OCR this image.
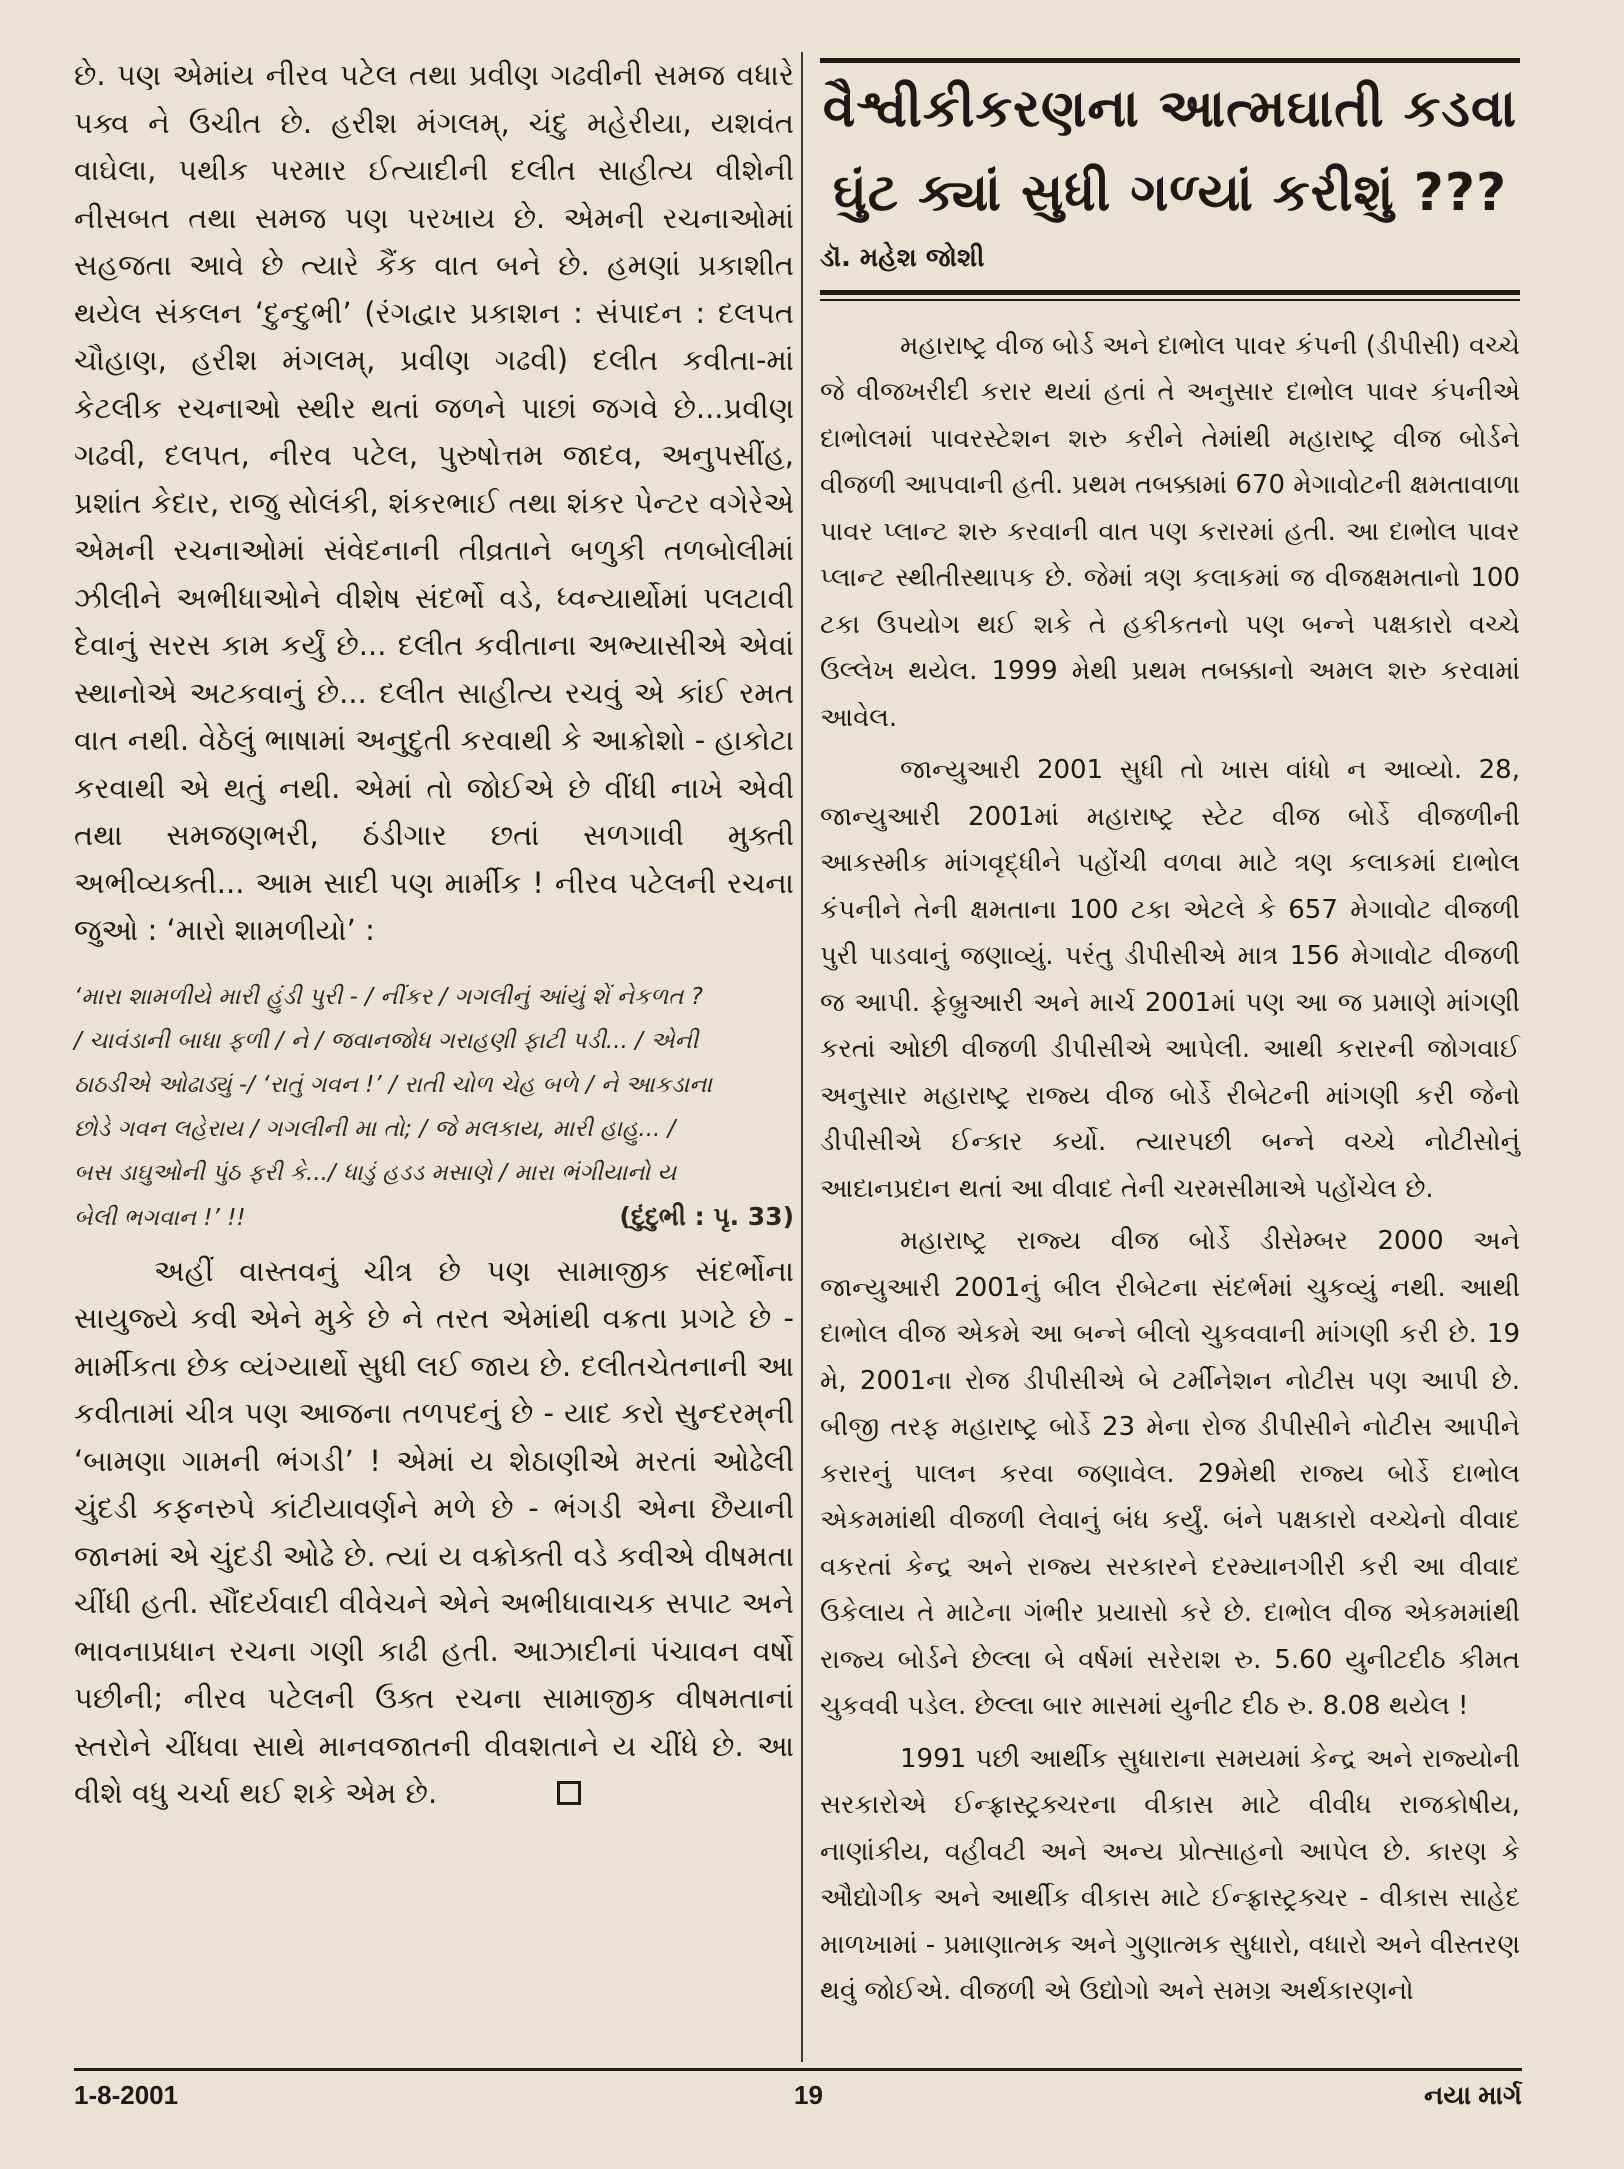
છે. પણ એમાંય નીરવ પટેલ તથા પ્રવીણ ગઢવીની સમજ વધારે પક્વ ને ઉચીત છે. હરીશ મંગલમ્, ચંદુ મહેરીયા, યશવંત વાઘેલા, પથીક પરમાર ઈત્યાદીની દલીત સાહીત્ય વીશેની નીસબત તથા સમજ પણ પરખાય છે. એમની રચનાઓમાં સહજતા આવે છે ત્યારે કૈંક વાત બને છે. હમણાં પ્રકાશીત થયેલ સંકલન ‘દુન્દુભી’ (રંગદ્વાર પ્રકાશન : સંપાદન : દલપત ચૌહાણ, હરીશ મંગલમ્, પ્રવીણ ગઢવી) દલીત કવીતા-માં કેટલીક રચનાઓ સ્થીર થતાં જળને પાછાં જગવે છે...પ્રવીણ ગઢવી, દલપત, નીરવ પટેલ, પુરુષોત્તમ જાદવ, અનુપસીંહ, પ્રશાંત કેદાર, રાજુ સોલંકી, શંકરભાઈ તથા શંકર પેન્ટર વગેરેએ એમની રચનાઓમાં સંવેદનાની તીવ્રતાને બળુકી તળબોલીમાં ઝીલીને અભીધાઓને વીશેષ સંદર્ભો વડે, ધ્વન્યાર્થોમાં પલટાવી દેવાનું સરસ કામ કર્યું છે... દલીત કવીતાના અભ્યાસીએ એવાં સ્થાનોએ અટકવાનું છે... દલીત સાહીત્ય રચવું એ કાંઈ રમત વાત નથી. વેઠેલું ભાષામાં અનુદુતી કરવાથી કે આક્રોશો - હાકોટા કરવાથી એ થતું નથી. એમાં તો જોઈએ છે વીંધી નાખે એવી તથા સમજણભરી, ઠંડીગાર છતાં સળગાવી મુક્તી અભીવ્યક્તી... આમ સાદી પણ માર્મીક ! નીરવ પટેલની રચના જુઓ : ‘મારો શામળીયો’ :

‘મારા શામળીયે મારી હુંડી પુરી - / નીંકર / ગગલીનું આંયું શેં નેકળત ?
/ ચાવંડાની બાધા ફળી / ને / જવાનજોધ ગરાહણી ફાટી પડી... / એની
ઠાઠડીએ ઓઢાડ્યું -/ ‘રાતું ગવન !’ / રાતી ચોળ ચેહ બળે / ને આકડાના
છોડે ગવન લહેરાય / ગગલીની મા તો; / જે મલકાય, મારી હાહુ... /
બસ ડાઘુઓની પુંઠ ફરી કે.../ ધાડું હડડ મસાણે / મારા ભંગીયાનો ય
બેલી ભગવાન !’ !!	(દુંદુભી : પૃ. 33)

અહીં વાસ્તવનું ચીત્ર છે પણ સામાજીક સંદર્ભોના સાયુજ્યે કવી એને મુકે છે ને તરત એમાંથી વક્રતા પ્રગટે છે - માર્મીકતા છેક વ્યંગ્યાર્થો સુધી લઈ જાય છે. દલીતચેતનાની આ કવીતામાં ચીત્ર પણ આજના તળપદનું છે - યાદ કરો સુન્દરમ્‌ની ‘બામણા ગામની ભંગડી’ ! એમાં ય શેઠાણીએ મરતાં ઓઢેલી ચુંદડી કફનરુપે કાંટીયાવર્ણને મળે છે - ભંગડી એના છૈયાની જાનમાં એ ચુંદડી ઓઢે છે. ત્યાં ય વક્રોક્તી વડે કવીએ વીષમતા ચીંધી હતી. સૌંદર્યવાદી વીવેચને એને અભીધાવાચક સપાટ અને ભાવનાપ્રધાન રચના ગણી કાઢી હતી. આઝાદીનાં પંચાવન વર્ષો પછીની; નીરવ પટેલની ઉક્ત રચના સામાજીક વીષમતાનાં સ્તરોને ચીંધવા સાથે માનવજાતની વીવશતાને ય ચીંધે છે. આ વીશે વધુ ચર્ચા થઈ શકે એમ છે.

વૈશ્વીકીકરણના આત્મઘાતી કડવા
ઘુંટ ક્યાં સુધી ગળ્યાં કરીશું ???

ડૉ. મહેશ જોશી

મહારાષ્ટ્ર વીજ બોર્ડ અને દાભોલ પાવર કંપની (ડીપીસી) વચ્ચે જે વીજખરીદી કરાર થયાં હતાં તે અનુસાર દાભોલ પાવર કંપનીએ દાભોલમાં પાવરસ્ટેશન શરુ કરીને તેમાંથી મહારાષ્ટ્ર વીજ બોર્ડને વીજળી આપવાની હતી. પ્રથમ તબક્કામાં 670 મેગાવોટની ક્ષમતાવાળા પાવર પ્લાન્ટ શરુ કરવાની વાત પણ કરારમાં હતી. આ દાભોલ પાવર પ્લાન્ટ સ્થીતીસ્થાપક છે. જેમાં ત્રણ કલાકમાં જ વીજક્ષમતાનો 100 ટકા ઉપયોગ થઈ શકે તે હકીકતનો પણ બન્ને પક્ષકારો વચ્ચે ઉલ્લેખ થયેલ. 1999 મેથી પ્રથમ તબક્કાનો અમલ શરુ કરવામાં આવેલ.

જાન્યુઆરી 2001 સુધી તો ખાસ વાંધો ન આવ્યો. 28, જાન્યુઆરી 2001માં મહારાષ્ટ્ર સ્ટેટ વીજ બોર્ડે વીજળીની આકસ્મીક માંગવૃદ્ધીને પહોંચી વળવા માટે ત્રણ કલાકમાં દાભોલ કંપનીને તેની ક્ષમતાના 100 ટકા એટલે કે 657 મેગાવોટ વીજળી પુરી પાડવાનું જણાવ્યું. પરંતુ ડીપીસીએ માત્ર 156 મેગાવોટ વીજળી જ આપી. ફેબ્રુઆરી અને માર્ચ 2001માં પણ આ જ પ્રમાણે માંગણી કરતાં ઓછી વીજળી ડીપીસીએ આપેલી. આથી કરારની જોગવાઈ અનુસાર મહારાષ્ટ્ર રાજ્ય વીજ બોર્ડે રીબેટની માંગણી કરી જેનો ડીપીસીએ ઈન્કાર કર્યો. ત્યારપછી બન્ને વચ્ચે નોટીસોનું આદાનપ્રદાન થતાં આ વીવાદ તેની ચરમસીમાએ પહોંચેલ છે.

મહારાષ્ટ્ર રાજ્ય વીજ બોર્ડે ડીસેમ્બર 2000 અને જાન્યુઆરી 2001નું બીલ રીબેટના સંદર્ભમાં ચુકવ્યું નથી. આથી દાભોલ વીજ એકમે આ બન્ને બીલો ચુકવવાની માંગણી કરી છે. 19 મે, 2001ના રોજ ડીપીસીએ બે ટર્મીનેશન નોટીસ પણ આપી છે. બીજી તરફ મહારાષ્ટ્ર બોર્ડે 23 મેના રોજ ડીપીસીને નોટીસ આપીને કરારનું પાલન કરવા જણાવેલ. 29મેથી રાજ્ય બોર્ડે દાભોલ એકમમાંથી વીજળી લેવાનું બંધ કર્યું. બંને પક્ષકારો વચ્ચેનો વીવાદ વકરતાં કેન્દ્ર અને રાજ્ય સરકારને દરમ્યાનગીરી કરી આ વીવાદ ઉકેલાય તે માટેના ગંભીર પ્રયાસો કરે છે. દાભોલ વીજ એકમમાંથી રાજ્ય બોર્ડને છેલ્લા બે વર્ષમાં સરેરાશ રુ. 5.60 યુનીટદીઠ કીમત ચુકવવી પડેલ. છેલ્લા બાર માસમાં યુનીટ દીઠ રુ. 8.08 થયેલ !

1991 પછી આર્થીક સુધારાના સમયમાં કેન્દ્ર અને રાજ્યોની સરકારોએ ઈન્ફ્રાસ્ટ્રક્ચરના વીકાસ માટે વીવીધ રાજકોષીય, નાણાંકીય, વહીવટી અને અન્ય પ્રોત્સાહનો આપેલ છે. કારણ કે ઔદ્યોગીક અને આર્થીક વીકાસ માટે ઈન્ફ્રાસ્ટ્રક્ચર - વીકાસ સાહેદ માળખામાં - પ્રમાણાત્મક અને ગુણાત્મક સુધારો, વધારો અને વીસ્તરણ થવું જોઈએ. વીજળી એ ઉદ્યોગો અને સમગ્ર અર્થકારણનો

1-8-2001	19	નયા માર્ગ
